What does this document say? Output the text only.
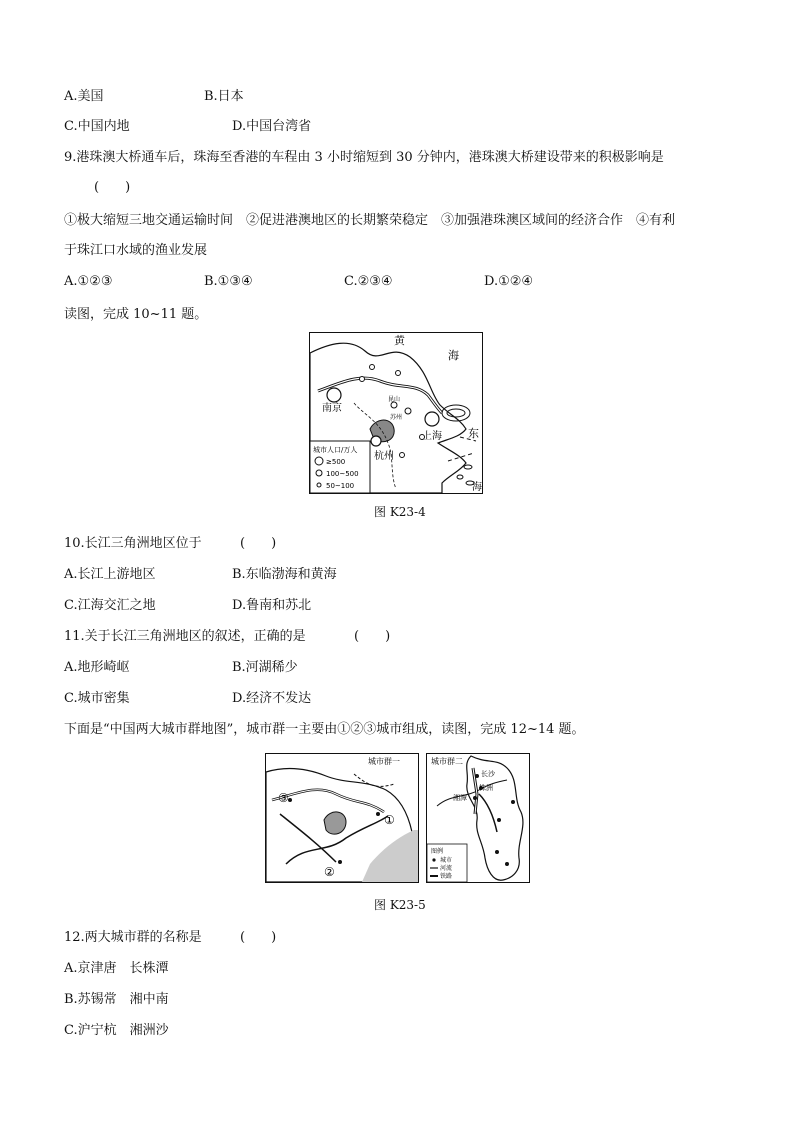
A.美国	B.日本
C.中国内地	D.中国台湾省
9.港珠澳大桥通车后，珠海至香港的车程由 3 小时缩短到 30 分钟内，港珠澳大桥建设带来的积极影响是
(　　)
①极大缩短三地交通运输时间　②促进港澳地区的长期繁荣稳定　③加强港珠澳区域间的经济合作　④有利
于珠江口水域的渔业发展
A.①②③	B.①③④	C.②③④	D.①②④
读图，完成 10~11 题。
黄
海
东
海
南京
上海
杭州
昆山
苏州
城市人口/万人
≥500
100~500
50~100
图 K23-4
10.长江三角洲地区位于	(　　)
A.长江上游地区	B.东临渤海和黄海
C.江海交汇之地	D.鲁南和苏北
11.关于长江三角洲地区的叙述，正确的是	(　　)
A.地形崎岖	B.河湖稀少
C.城市密集	D.经济不发达
下面是“中国两大城市群地图”，城市群一主要由①②③城市组成，读图，完成 12~14 题。
城市群一
①
②
③
城市群二
长沙
株洲
湘潭
图例
城市
河流
铁路
图 K23-5
12.两大城市群的名称是	(　　)
A.京津唐　长株潭
B.苏锡常　湘中南
C.沪宁杭　湘洲沙
